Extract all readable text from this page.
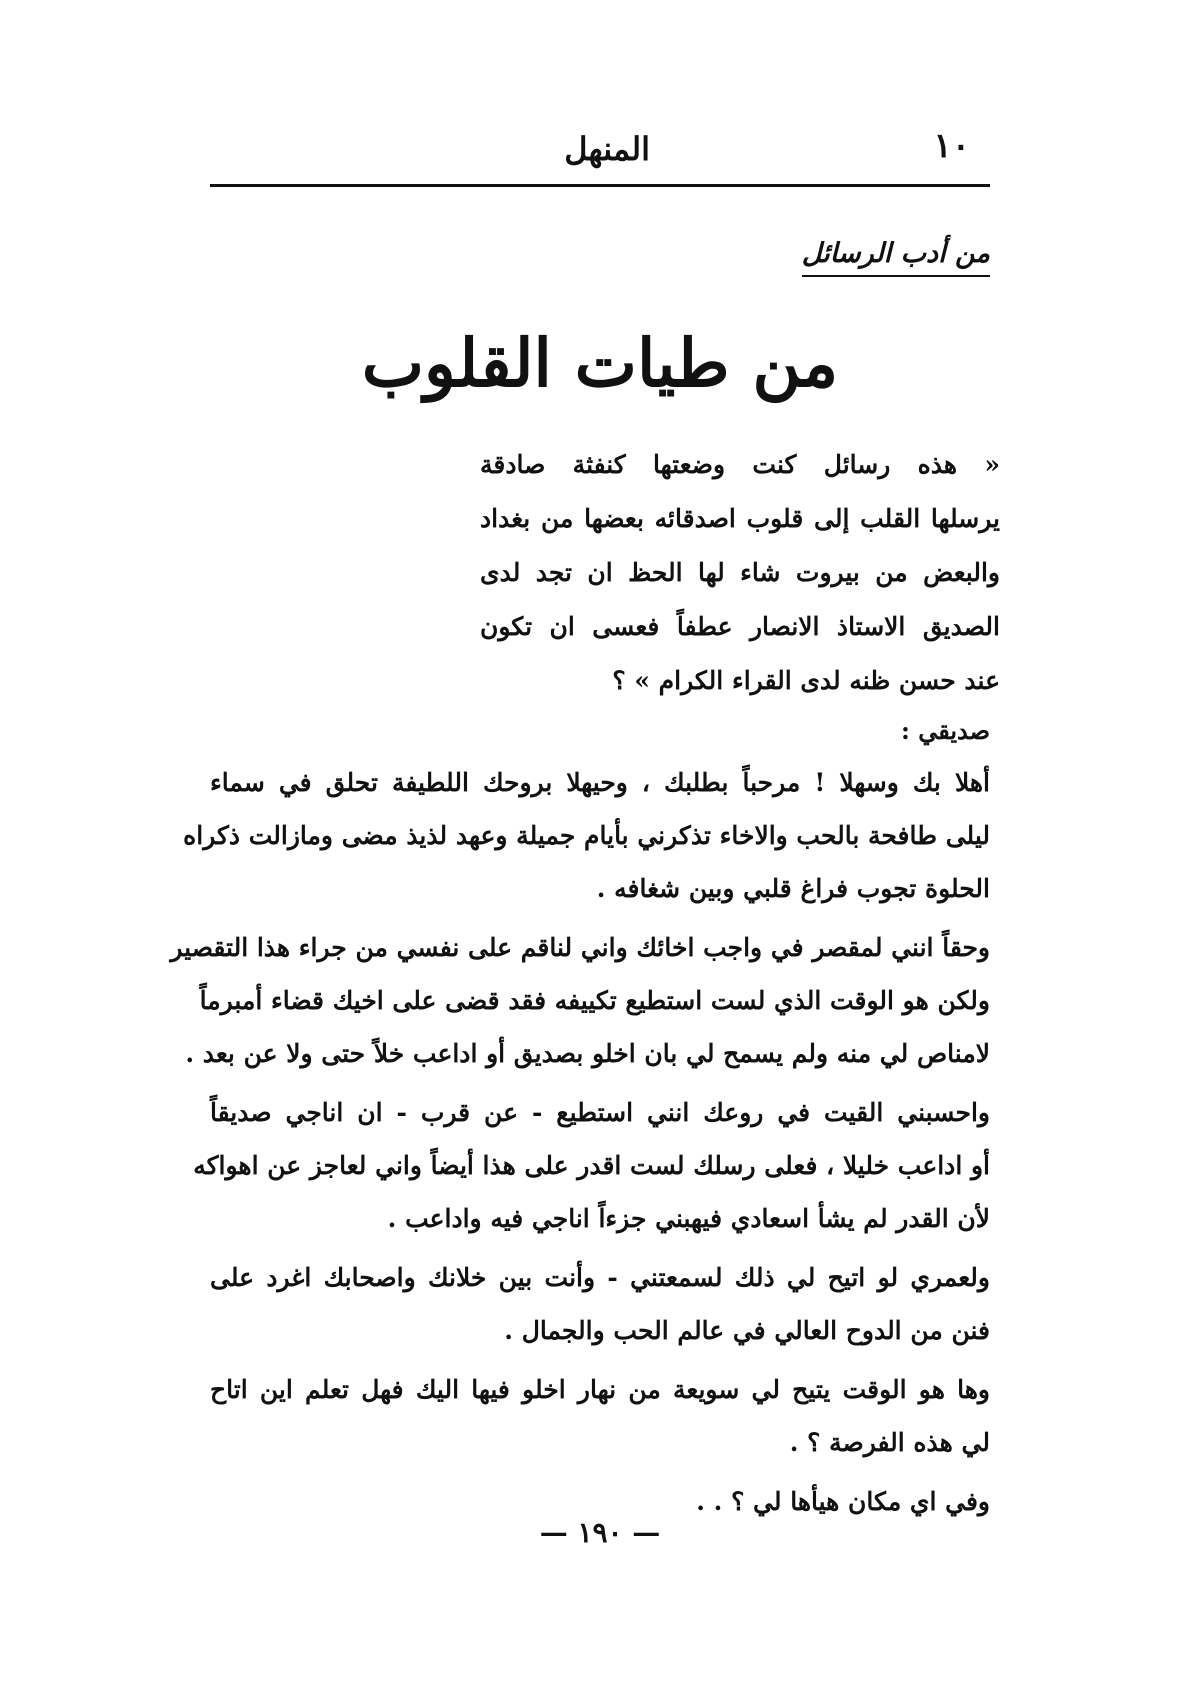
١٠
المنهل
من أدب الرسائل
من طيات القلوب
« هذه رسائل كنت وضعتها كنفثة صادقة
يرسلها القلب إلى قلوب اصدقائه بعضها من بغداد
والبعض من بيروت شاء لها الحظ ان تجد لدى
الصديق الاستاذ الانصار عطفاً فعسى ان تكون
عند حسن ظنه لدى القراء الكرام » ؟
صديقي :
أهلا بك وسهلا ! مرحباً بطلبك ، وحيهلا بروحك اللطيفة تحلق في سماء
ليلى طافحة بالحب والاخاء تذكرني بأيام جميلة وعهد لذيذ مضى ومازالت ذكراه
الحلوة تجوب فراغ قلبي وبين شغافه .
وحقاً انني لمقصر في واجب اخائك واني لناقم على نفسي من جراء هذا التقصير
ولكن هو الوقت الذي لست استطيع تكييفه فقد قضى على اخيك قضاء أمبرماً
لامناص لي منه ولم يسمح لي بان اخلو بصديق أو اداعب خلاً حتى ولا عن بعد .
واحسبني القيت في روعك انني استطيع - عن قرب - ان اناجي صديقاً
أو اداعب خليلا ، فعلى رسلك لست اقدر على هذا أيضاً واني لعاجز عن اهواكه
لأن القدر لم يشأ اسعادي فيهبني جزءاً اناجي فيه واداعب .
ولعمري لو اتيح لي ذلك لسمعتني - وأنت بين خلانك واصحابك اغرد على
فنن من الدوح العالي في عالم الحب والجمال .
وها هو الوقت يتيح لي سويعة من نهار اخلو فيها اليك فهل تعلم اين اتاح
لي هذه الفرصة ؟ .
وفي اي مكان هيأها لي ؟ . .
— ١٩٠ —
